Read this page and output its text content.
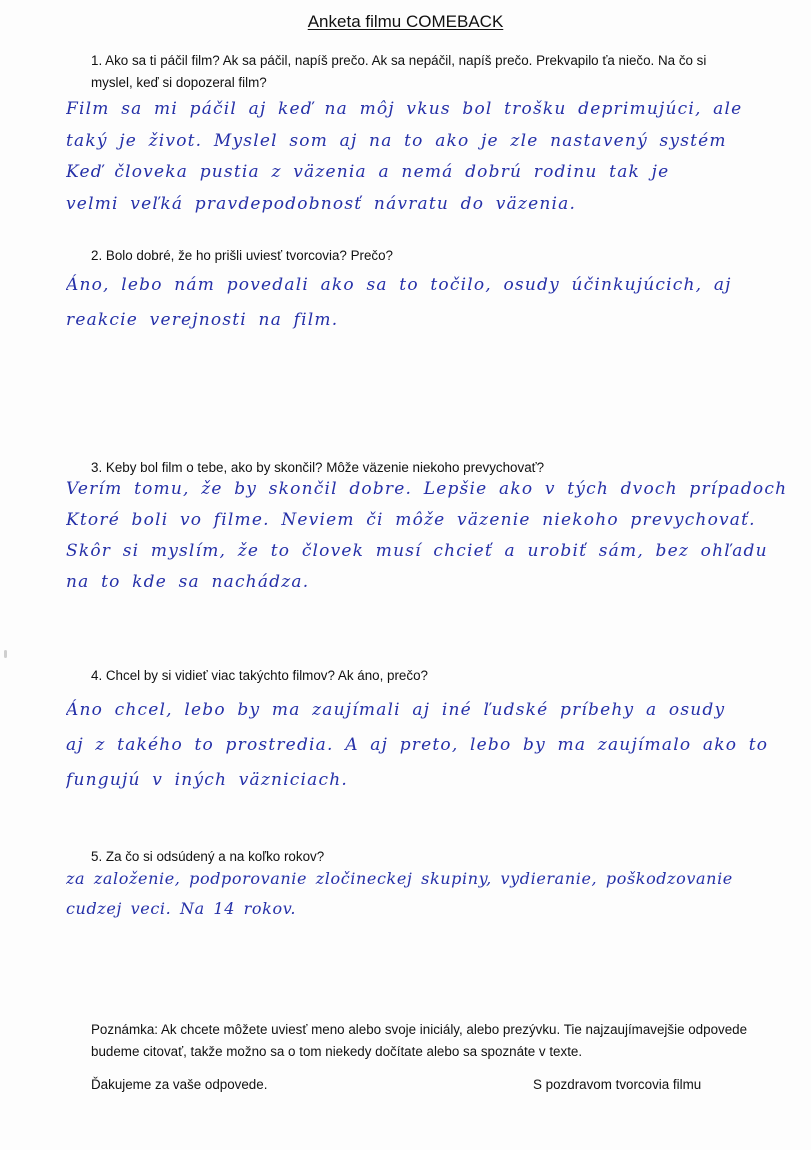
Anketa filmu COMEBACK
1. Ako sa ti páčil film? Ak sa páčil, napíš prečo. Ak sa nepáčil, napíš prečo. Prekvapilo ťa niečo. Na čo si myslel, keď si dopozeral film?
Film sa mi páčil aj keď na môj vkus bol trošku deprimujúci, ale
taký je život. Myslel som aj na to ako je zle nastavený systém
Keď človeka pustia z väzenia a nemá dobrú rodinu tak je
velmi veľká pravdepodobnosť návratu do väzenia.
2. Bolo dobré, že ho prišli uviesť tvorcovia? Prečo?
Áno, lebo nám povedali ako sa to točilo, osudy účinkujúcich, aj
reakcie verejnosti na film.
3. Keby bol film o tebe, ako by skončil? Môže väzenie niekoho prevychovať?
Verím tomu, že by skončil dobre. Lepšie ako v tých dvoch prípadoch
Ktoré boli vo filme. Neviem či môže väzenie niekoho prevychovať.
Skôr si myslím, že to človek musí chcieť a urobiť sám, bez ohľadu
na to kde sa nachádza.
4. Chcel by si vidieť viac takýchto filmov? Ak áno, prečo?
Áno chcel, lebo by ma zaujímali aj iné ľudské príbehy a osudy
aj z takého to prostredia. A aj preto, lebo by ma zaujímalo ako to
fungujú v iných väzniciach.
5. Za čo si odsúdený a na koľko rokov?
za založenie, podporovanie zločineckej skupiny, vydieranie, poškodzovanie
cudzej veci. Na 14 rokov.
Poznámka: Ak chcete môžete uviesť meno alebo svoje iniciály, alebo prezývku. Tie najzaujímavejšie odpovede budeme citovať, takže možno sa o tom niekedy dočítate alebo sa spoznáte v texte.
Ďakujeme za vaše odpovede.	S pozdravom tvorcovia filmu
